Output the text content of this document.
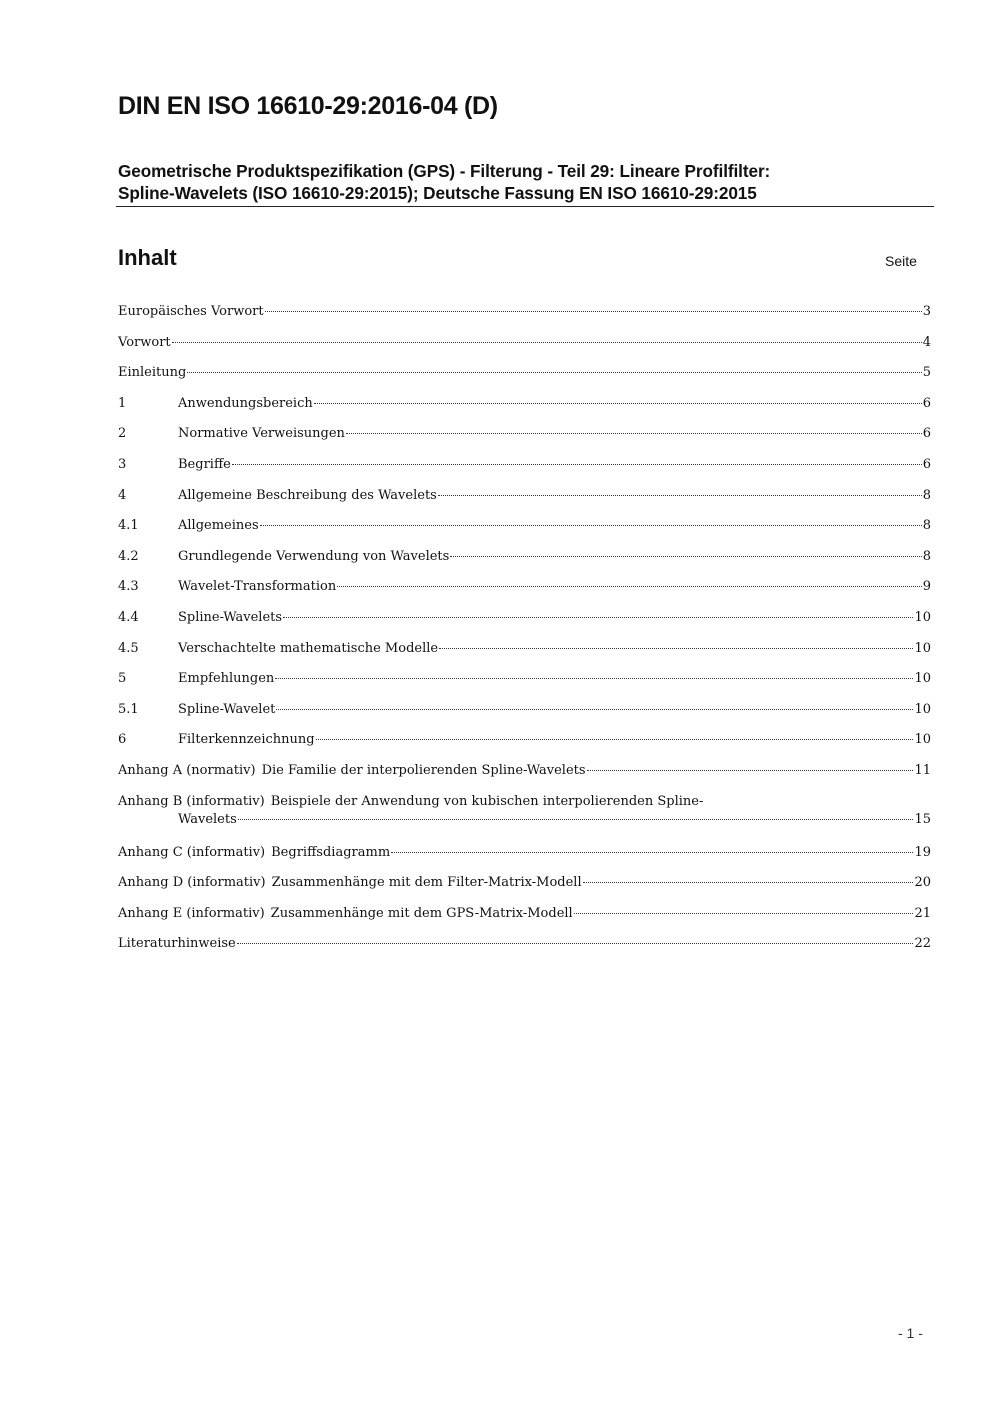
DIN EN ISO 16610-29:2016-04 (D)
Geometrische Produktspezifikation (GPS) - Filterung - Teil 29: Lineare Profilfilter:
Spline-Wavelets (ISO 16610-29:2015); Deutsche Fassung EN ISO 16610-29:2015
Inhalt	Seite
Europäisches Vorwort	3
Vorwort	4
Einleitung	5
1	Anwendungsbereich	6
2	Normative Verweisungen	6
3	Begriffe	6
4	Allgemeine Beschreibung des Wavelets	8
4.1	Allgemeines	8
4.2	Grundlegende Verwendung von Wavelets	8
4.3	Wavelet-Transformation	9
4.4	Spline-Wavelets	10
4.5	Verschachtelte mathematische Modelle	10
5	Empfehlungen	10
5.1	Spline-Wavelet	10
6	Filterkennzeichnung	10
Anhang A (normativ) Die Familie der interpolierenden Spline-Wavelets	11
Anhang B (informativ) Beispiele der Anwendung von kubischen interpolierenden Spline-
Wavelets	15
Anhang C (informativ) Begriffsdiagramm	19
Anhang D (informativ) Zusammenhänge mit dem Filter-Matrix-Modell	20
Anhang E (informativ) Zusammenhänge mit dem GPS-Matrix-Modell	21
Literaturhinweise	22
- 1 -
